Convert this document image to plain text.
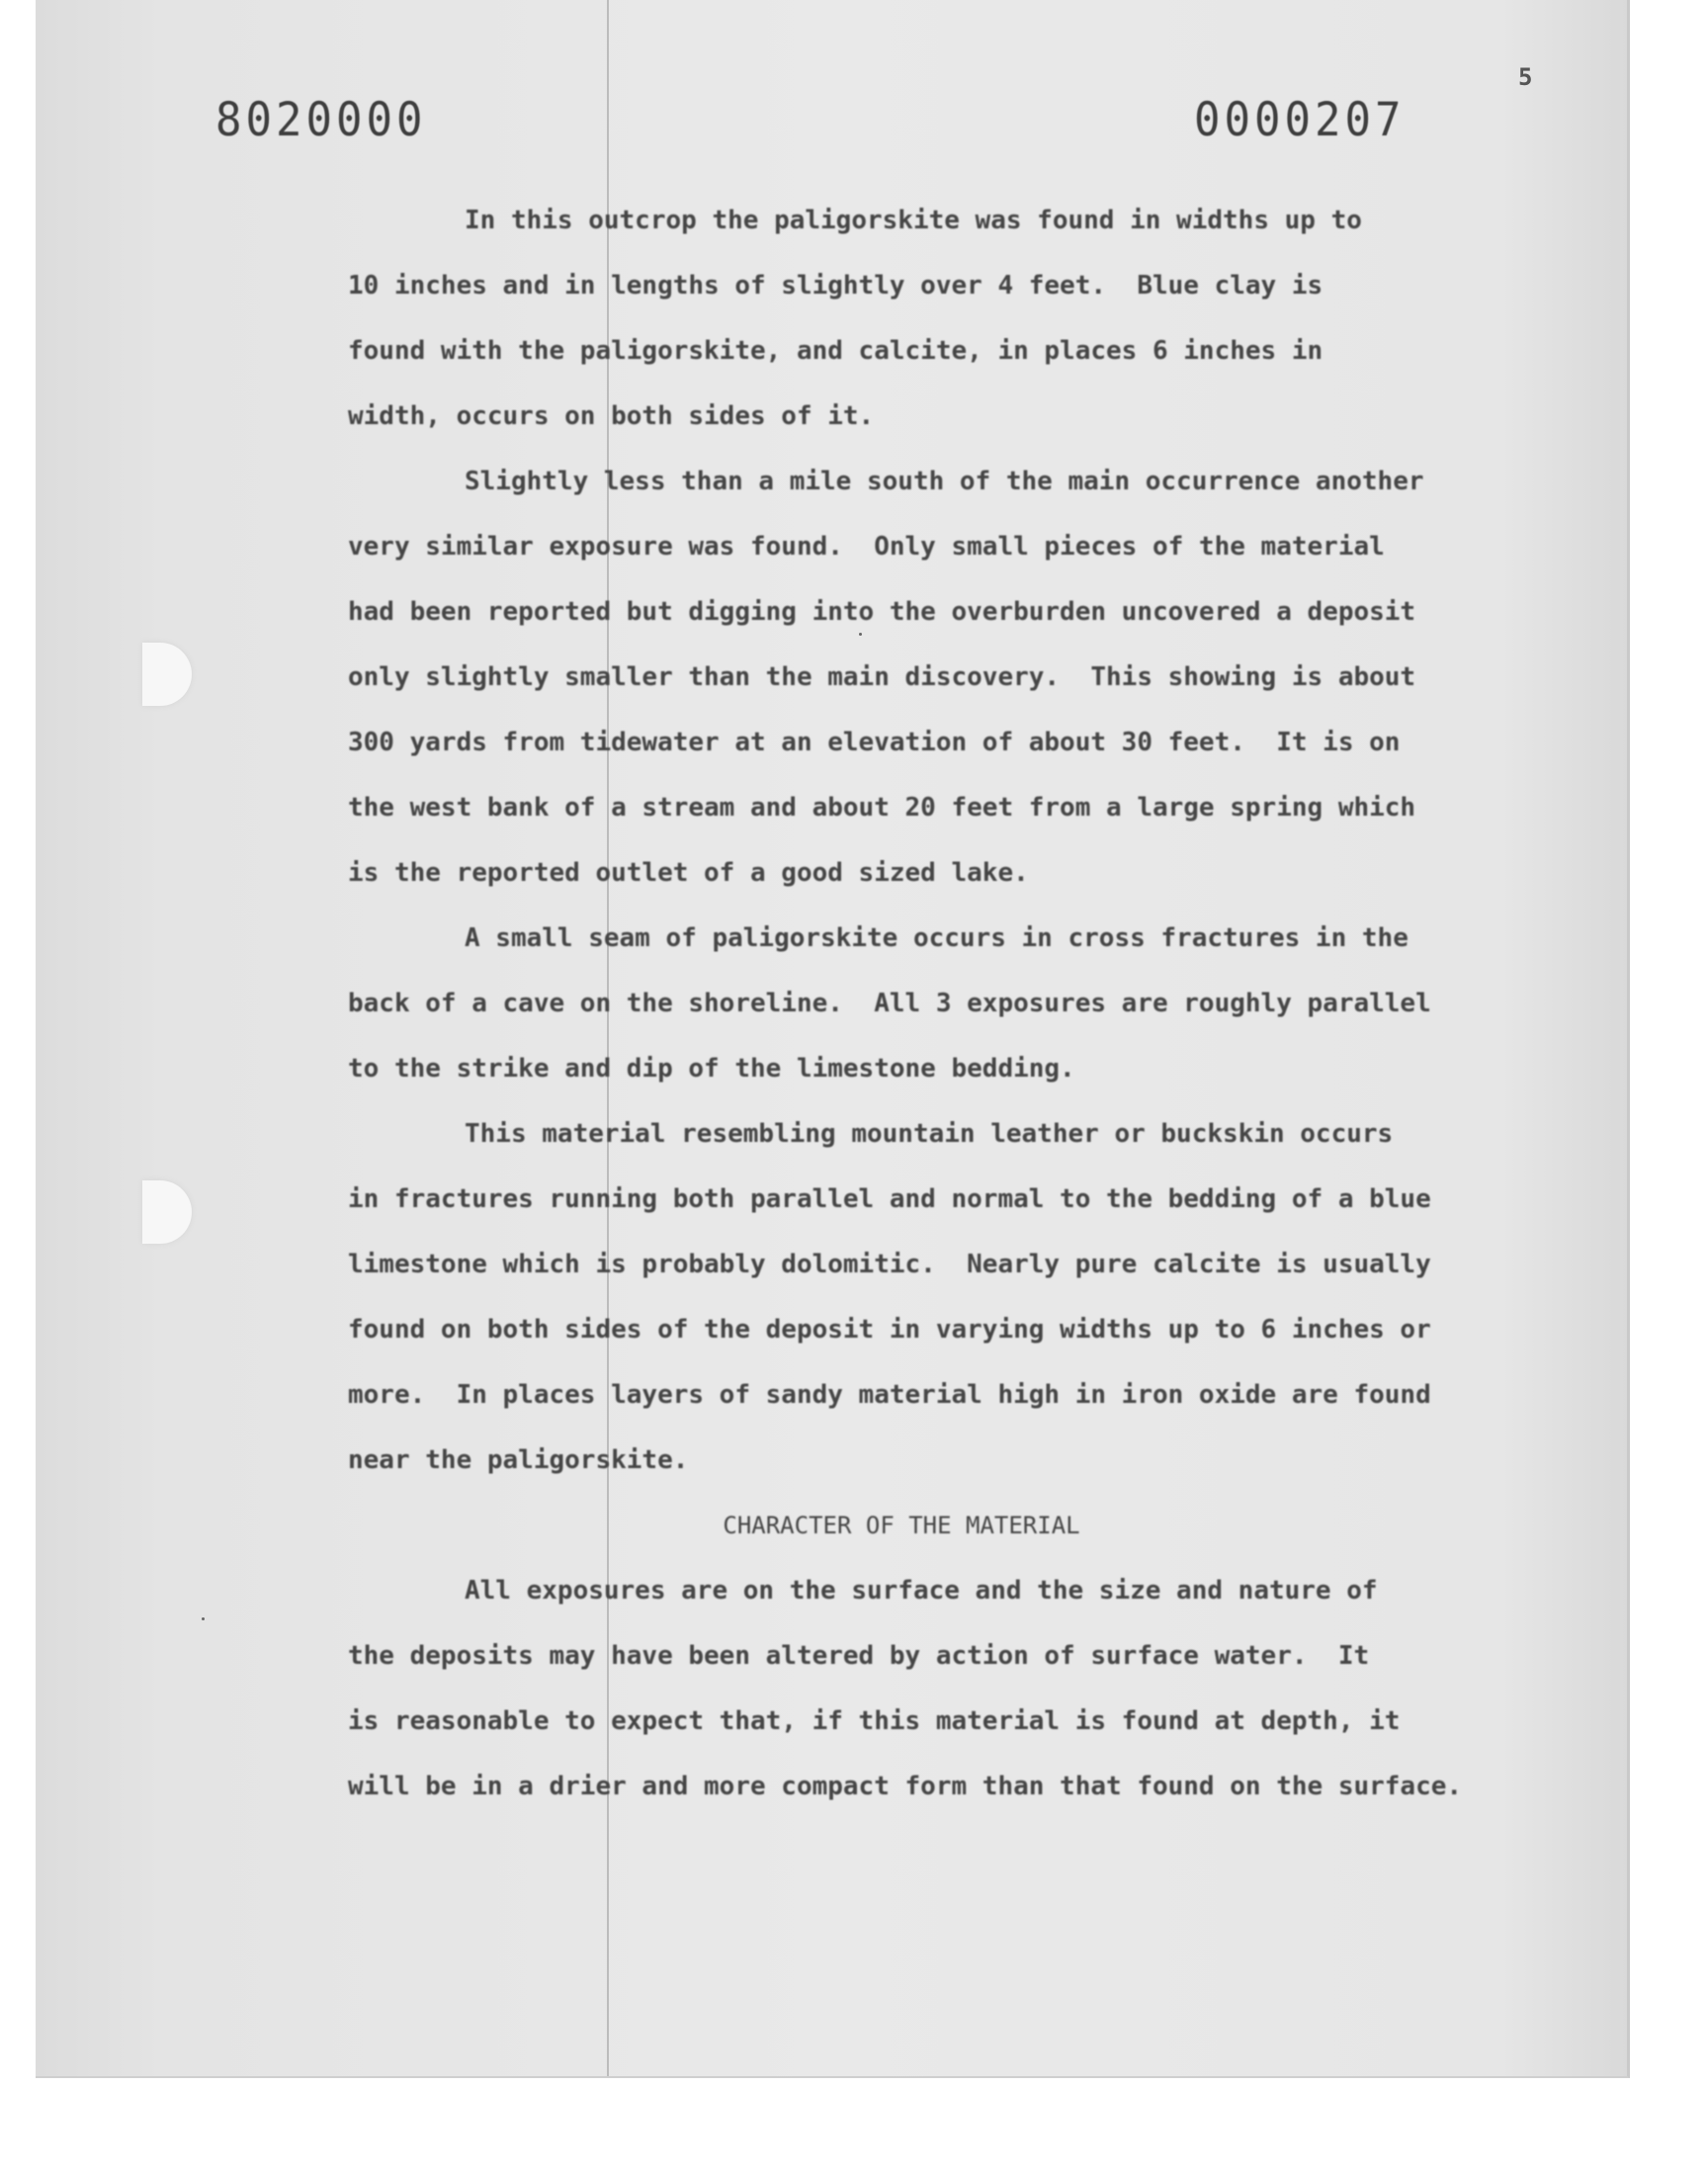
8020000	0000207
5
In this outcrop the paligorskite was found in widths up to
10 inches and in lengths of slightly over 4 feet.  Blue clay is
found with the paligorskite, and calcite, in places 6 inches in
width, occurs on both sides of it.
Slightly less than a mile south of the main occurrence another
very similar exposure was found.  Only small pieces of the material
had been reported but digging into the overburden uncovered a deposit
only slightly smaller than the main discovery.  This showing is about
300 yards from tidewater at an elevation of about 30 feet.  It is on
the west bank of a stream and about 20 feet from a large spring which
is the reported outlet of a good sized lake.
A small seam of paligorskite occurs in cross fractures in the
back of a cave on the shoreline.  All 3 exposures are roughly parallel
to the strike and dip of the limestone bedding.
This material resembling mountain leather or buckskin occurs
in fractures running both parallel and normal to the bedding of a blue
limestone which is probably dolomitic.  Nearly pure calcite is usually
found on both sides of the deposit in varying widths up to 6 inches or
more.  In places layers of sandy material high in iron oxide are found
near the paligorskite.
CHARACTER OF THE MATERIAL
All exposures are on the surface and the size and nature of
the deposits may have been altered by action of surface water.  It
is reasonable to expect that, if this material is found at depth, it
will be in a drier and more compact form than that found on the surface.
